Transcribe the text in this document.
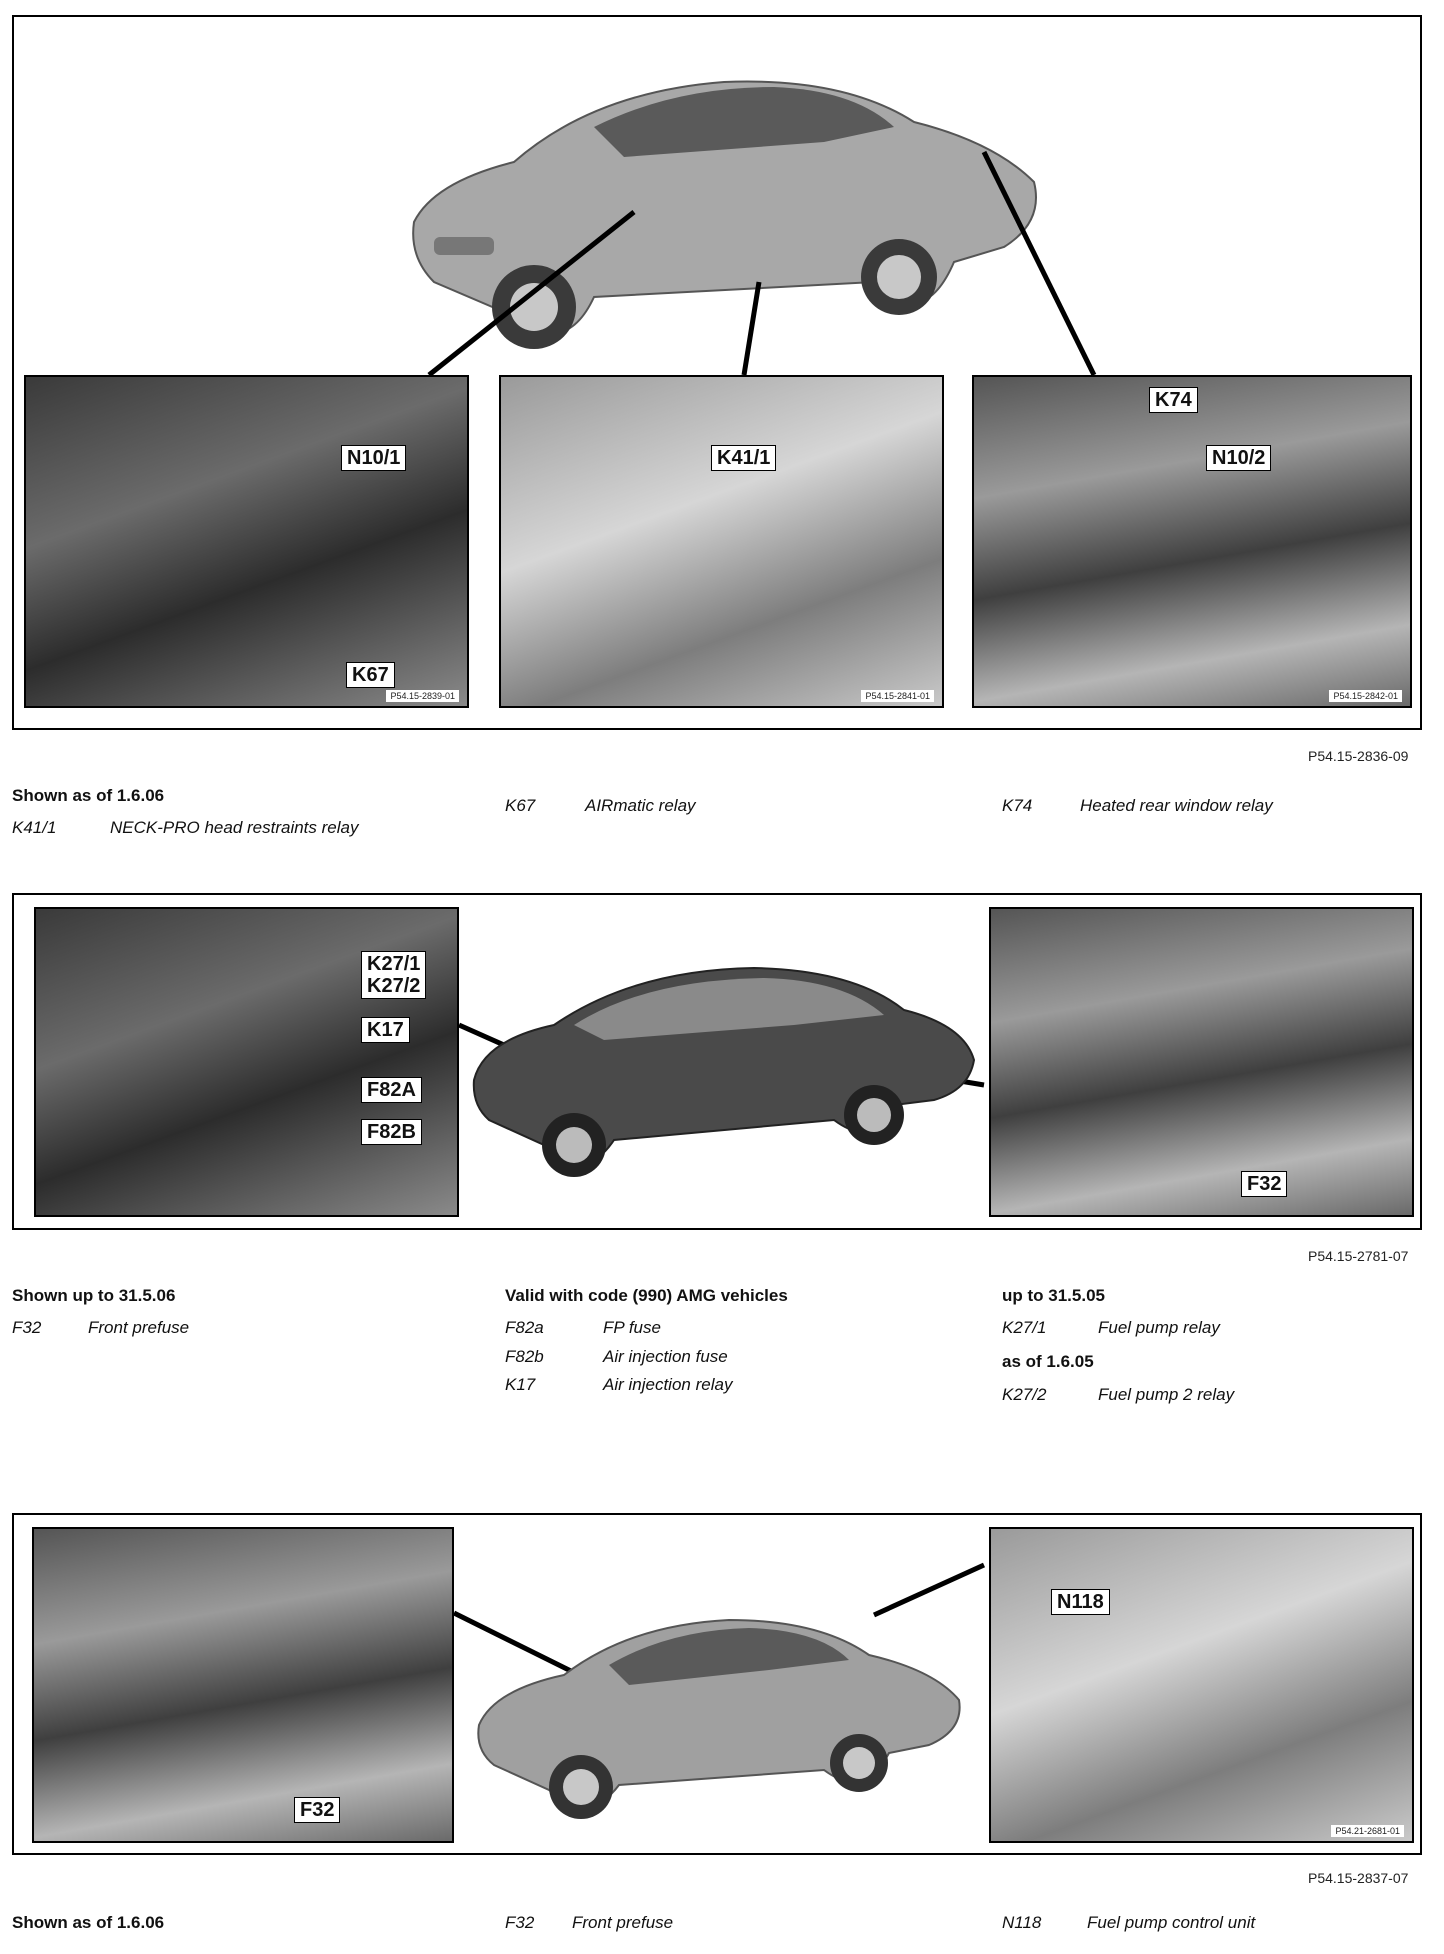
N10/1
K67
P54.15-2839-01
K41/1
P54.15-2841-01
K74
N10/2
P54.15-2842-01
P54.15-2836-09
Shown as of 1.6.06
K41/1	NECK-PRO head restraints relay
K67	AIRmatic relay	K74	Heated rear window relay
K27/1
K27/2
K17
F82A
F82B
F32
P54.15-2781-07
Shown up to 31.5.06
F32	Front prefuse
Valid with code (990) AMG vehicles
F82a	FP fuse
F82b	Air injection fuse
K17	Air injection relay
up to 31.5.05
K27/1	Fuel pump relay
as of 1.6.05
K27/2	Fuel pump 2 relay
F32
N118
P54.21-2681-01
P54.15-2837-07
Shown as of 1.6.06	F32 Front prefuse	N118	Fuel pump control unit
